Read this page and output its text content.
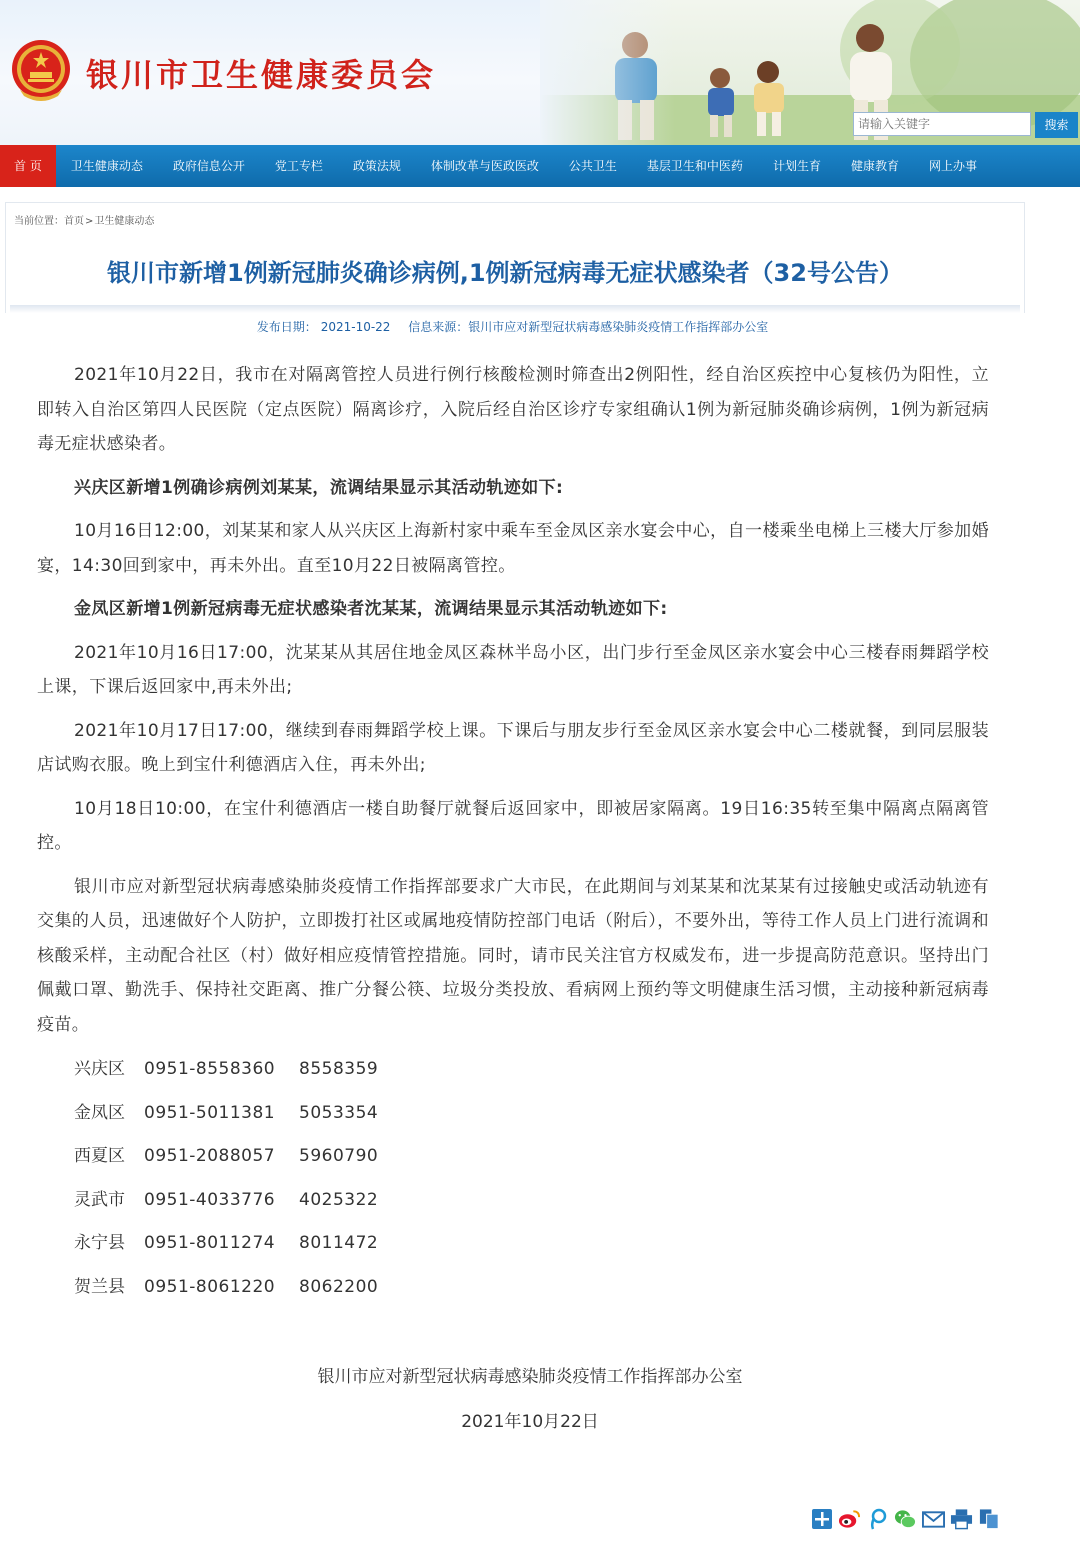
银川市卫生健康委员会
请输入关键字
搜索
首 页	卫生健康动态	政府信息公开	党工专栏	政策法规	体制改革与医政医改	公共卫生	基层卫生和中医药	计划生育	健康教育	网上办事
当前位置：首页>卫生健康动态
银川市新增1例新冠肺炎确诊病例,1例新冠病毒无症状感染者（32号公告）
发布日期： 2021-10-22 信息来源：银川市应对新型冠状病毒感染肺炎疫情工作指挥部办公室

2021年10月22日，我市在对隔离管控人员进行例行核酸检测时筛查出2例阳性，经自治区疾控中心复核仍为阳性，立即转入自治区第四人民医院（定点医院）隔离诊疗，入院后经自治区诊疗专家组确认1例为新冠肺炎确诊病例，1例为新冠病毒无症状感染者。

兴庆区新增1例确诊病例刘某某，流调结果显示其活动轨迹如下:

10月16日12:00，刘某某和家人从兴庆区上海新村家中乘车至金凤区亲水宴会中心，自一楼乘坐电梯上三楼大厅参加婚宴，14:30回到家中，再未外出。直至10月22日被隔离管控。

金凤区新增1例新冠病毒无症状感染者沈某某，流调结果显示其活动轨迹如下:

2021年10月16日17:00，沈某某从其居住地金凤区森林半岛小区，出门步行至金凤区亲水宴会中心三楼春雨舞蹈学校上课，下课后返回家中,再未外出;

2021年10月17日17:00，继续到春雨舞蹈学校上课。下课后与朋友步行至金凤区亲水宴会中心二楼就餐，到同层服装店试购衣服。晚上到宝什利德酒店入住，再未外出;

10月18日10:00，在宝什利德酒店一楼自助餐厅就餐后返回家中，即被居家隔离。19日16:35转至集中隔离点隔离管控。

银川市应对新型冠状病毒感染肺炎疫情工作指挥部要求广大市民，在此期间与刘某某和沈某某有过接触史或活动轨迹有交集的人员，迅速做好个人防护，立即拨打社区或属地疫情防控部门电话（附后），不要外出，等待工作人员上门进行流调和核酸采样，主动配合社区（村）做好相应疫情管控措施。同时，请市民关注官方权威发布，进一步提高防范意识。坚持出门佩戴口罩、勤洗手、保持社交距离、推广分餐公筷、垃圾分类投放、看病网上预约等文明健康生活习惯，主动接种新冠病毒疫苗。

兴庆区 0951-8558360 8558359
金凤区 0951-5011381 5053354
西夏区 0951-2088057 5960790
灵武市 0951-4033776 4025322
永宁县 0951-8011274 8011472
贺兰县 0951-8061220 8062200
银川市应对新型冠状病毒感染肺炎疫情工作指挥部办公室
2021年10月22日
